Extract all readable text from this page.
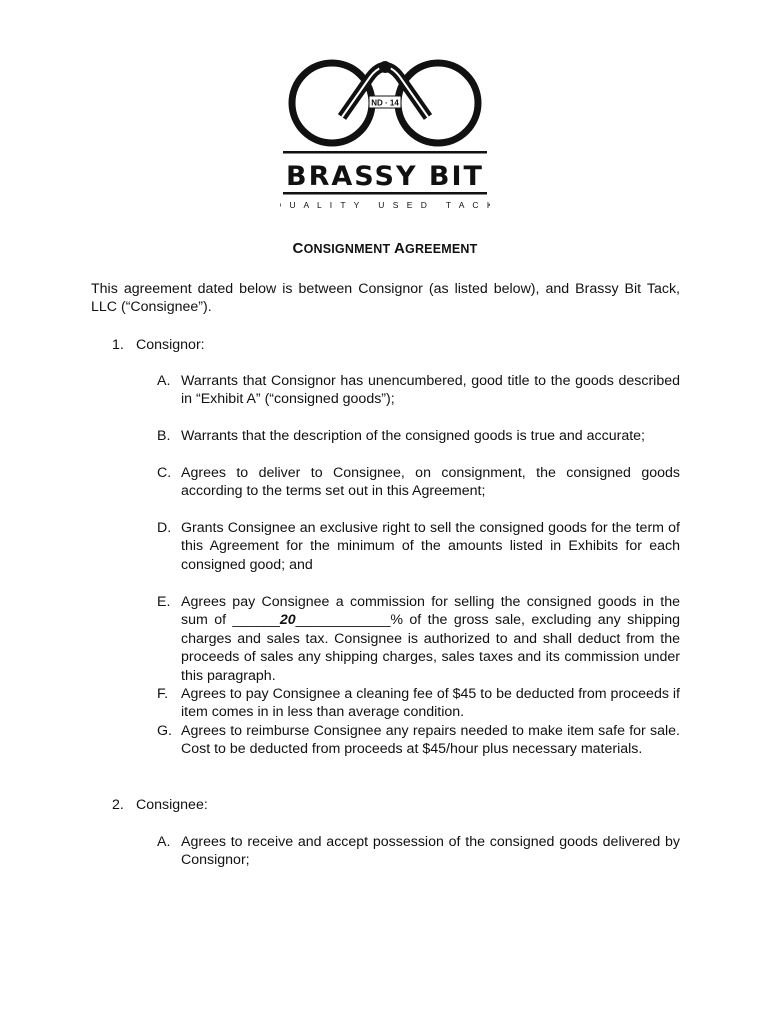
ND · 14
BRASSY BIT
Q U A L I T Y   U S E D   T A C K
CONSIGNMENT AGREEMENT
This agreement dated below is between Consignor (as listed below), and Brassy Bit Tack, LLC (“Consignee”).
1. Consignor:
A. Warrants that Consignor has unencumbered, good title to the goods described in “Exhibit A” (“consigned goods”);
B. Warrants that the description of the consigned goods is true and accurate;
C. Agrees to deliver to Consignee, on consignment, the consigned goods according to the terms set out in this Agreement;
D. Grants Consignee an exclusive right to sell the consigned goods for the term of this Agreement for the minimum of the amounts listed in Exhibits for each consigned good; and
E. Agrees pay Consignee a commission for selling the consigned goods in the sum of ______20____________% of the gross sale, excluding any shipping charges and sales tax. Consignee is authorized to and shall deduct from the proceeds of sales any shipping charges, sales taxes and its commission under this paragraph.
F. Agrees to pay Consignee a cleaning fee of $45 to be deducted from proceeds if item comes in in less than average condition.
G. Agrees to reimburse Consignee any repairs needed to make item safe for sale. Cost to be deducted from proceeds at $45/hour plus necessary materials.
2. Consignee:
A. Agrees to receive and accept possession of the consigned goods delivered by Consignor;
